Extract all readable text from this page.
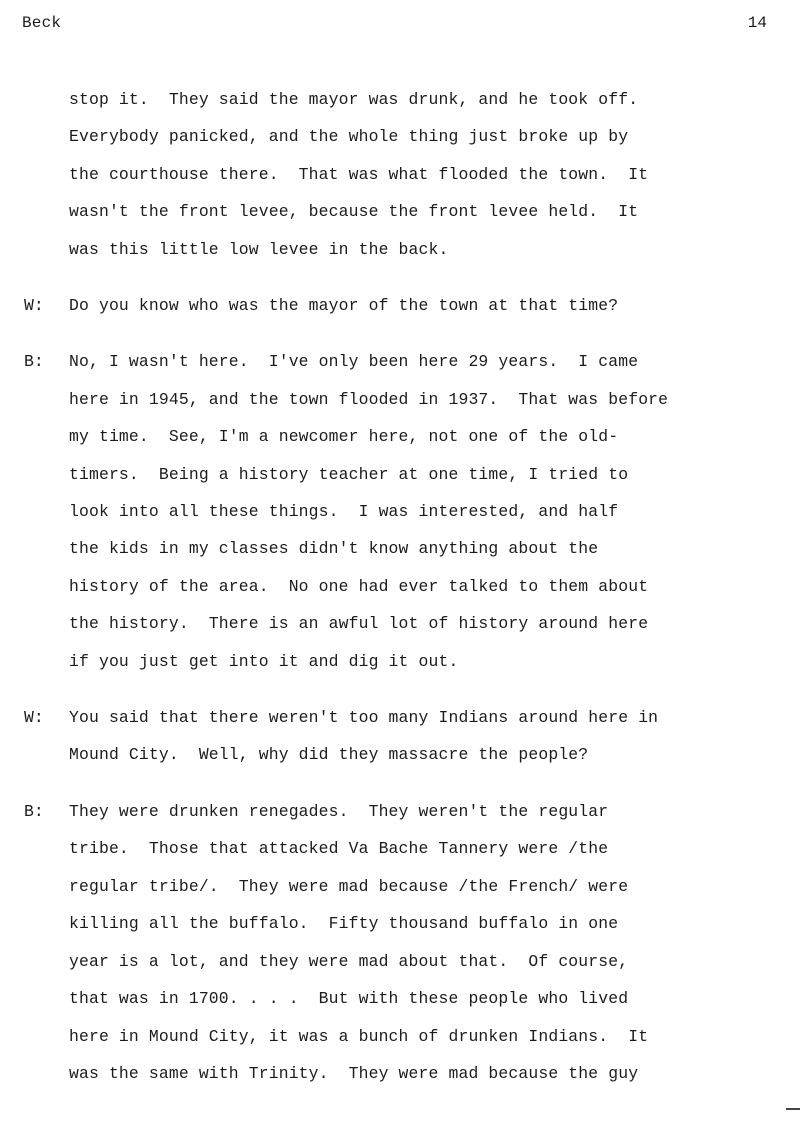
Beck	14
stop it.  They said the mayor was drunk, and he took off.
Everybody panicked, and the whole thing just broke up by
the courthouse there.  That was what flooded the town.  It
wasn't the front levee, because the front levee held.  It
was this little low levee in the back.
W: Do you know who was the mayor of the town at that time?
B: No, I wasn't here.  I've only been here 29 years.  I came
here in 1945, and the town flooded in 1937.  That was before
my time.  See, I'm a newcomer here, not one of the old-
timers.  Being a history teacher at one time, I tried to
look into all these things.  I was interested, and half
the kids in my classes didn't know anything about the
history of the area.  No one had ever talked to them about
the history.  There is an awful lot of history around here
if you just get into it and dig it out.
W: You said that there weren't too many Indians around here in
Mound City.  Well, why did they massacre the people?
B: They were drunken renegades.  They weren't the regular
tribe.  Those that attacked Va Bache Tannery were /the
regular tribe/.  They were mad because /the French/ were
killing all the buffalo.  Fifty thousand buffalo in one
year is a lot, and they were mad about that.  Of course,
that was in 1700. . . .  But with these people who lived
here in Mound City, it was a bunch of drunken Indians.  It
was the same with Trinity.  They were mad because the guy
